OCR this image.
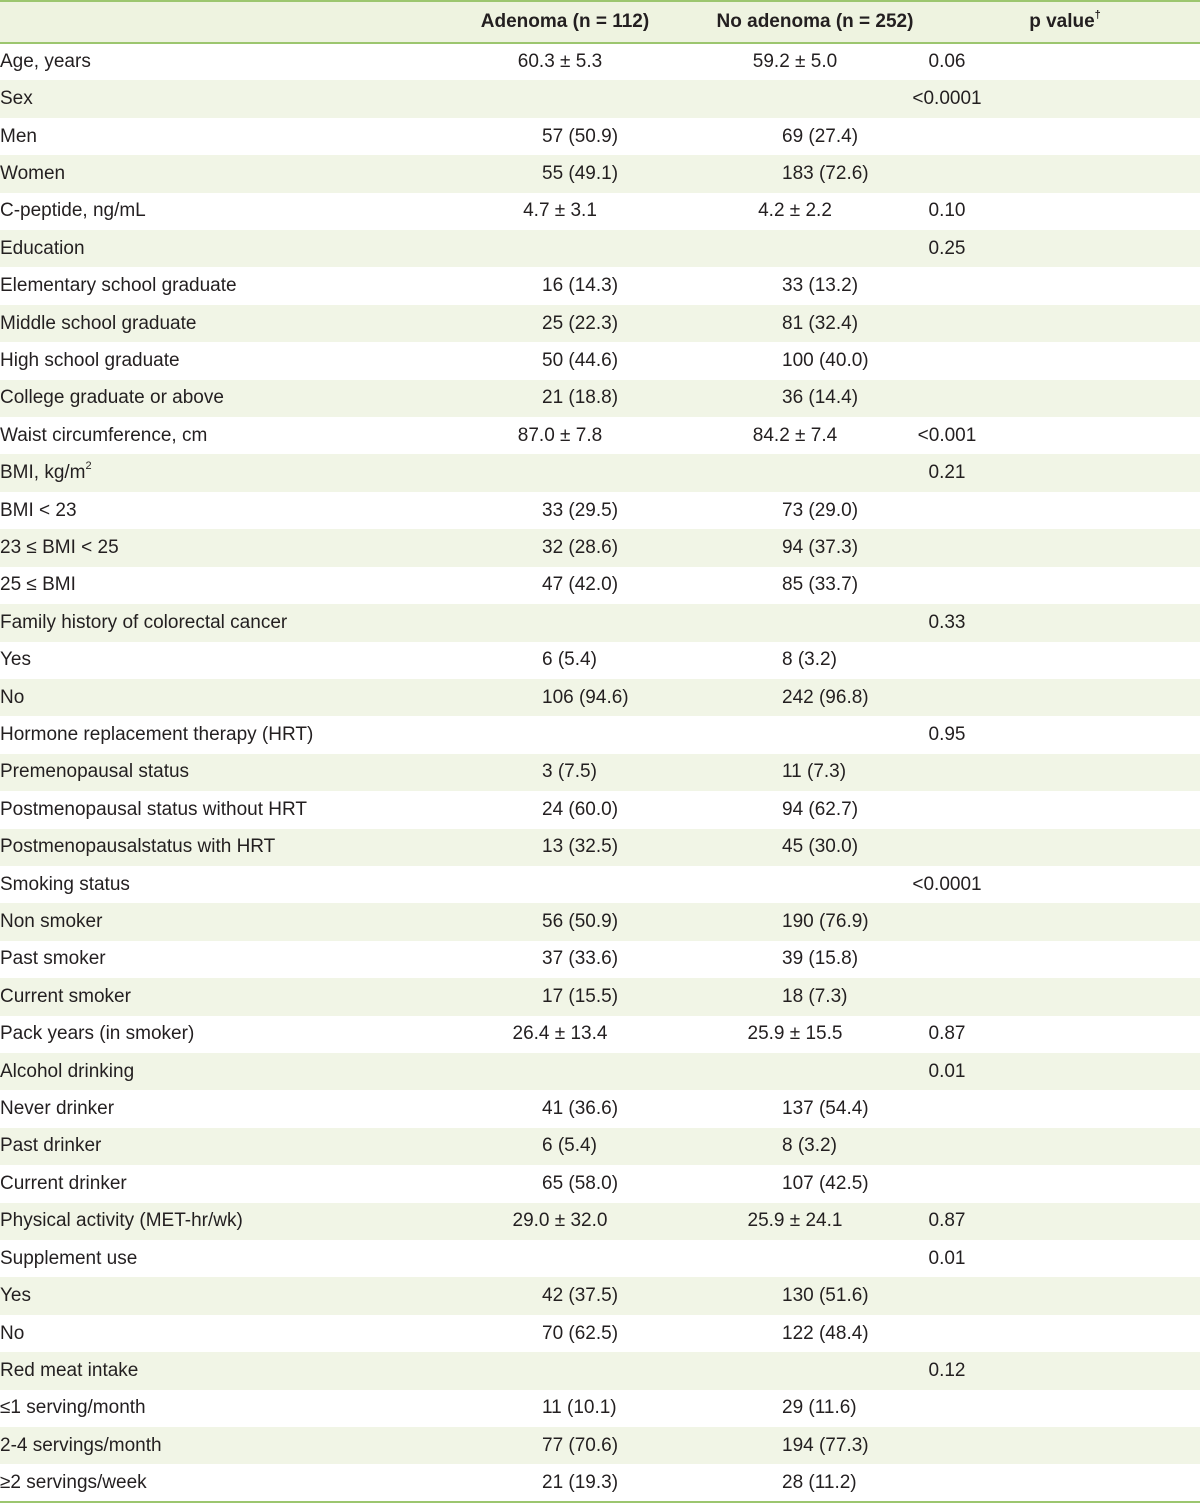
	Adenoma (n = 112)	No adenoma (n = 252)	p value†
Age, years	60.3 ± 5.3	59.2 ± 5.0	0.06

Sex			<0.0001

Men	57 (50.9)	69 (27.4)	

Women	55 (49.1)	183 (72.6)	

C-peptide, ng/mL	4.7 ± 3.1	4.2 ± 2.2	0.10

Education			0.25

Elementary school graduate	16 (14.3)	33 (13.2)	

Middle school graduate	25 (22.3)	81 (32.4)	

High school graduate	50 (44.6)	100 (40.0)	

College graduate or above	21 (18.8)	36 (14.4)	

Waist circumference, cm	87.0 ± 7.8	84.2 ± 7.4	<0.001

BMI, $kg/m^2$			0.21

BMI < 23	33 (29.5)	73 (29.0)	

23 ≤ BMI < 25	32 (28.6)	94 (37.3)	

25 ≤ BMI	47 (42.0)	85 (33.7)	

Family history of colorectal cancer			0.33

Yes	6 (5.4)	8 (3.2)	

No	106 (94.6)	242 (96.8)	

Hormone replacement therapy (HRT)			0.95

Premenopausal status	3 (7.5)	11 (7.3)	

Postmenopausal status without HRT	24 (60.0)	94 (62.7)	

Postmenopausalstatus with HRT	13 (32.5)	45 (30.0)	

Smoking status			<0.0001

Non smoker	56 (50.9)	190 (76.9)	

Past smoker	37 (33.6)	39 (15.8)	

Current smoker	17 (15.5)	18 (7.3)	

Pack years (in smoker)	26.4 ± 13.4	25.9 ± 15.5	0.87

Alcohol drinking			0.01

Never drinker	41 (36.6)	137 (54.4)	

Past drinker	6 (5.4)	8 (3.2)	

Current drinker	65 (58.0)	107 (42.5)	

Physical activity (MET-hr/wk)	29.0 ± 32.0	25.9 ± 24.1	0.87

Supplement use			0.01

Yes	42 (37.5)	130 (51.6)	

No	70 (62.5)	122 (48.4)	

Red meat intake			0.12

≤1 serving/month	11 (10.1)	29 (11.6)	

2-4 servings/month	77 (70.6)	194 (77.3)	

≥2 servings/week	21 (19.3)	28 (11.2)	
